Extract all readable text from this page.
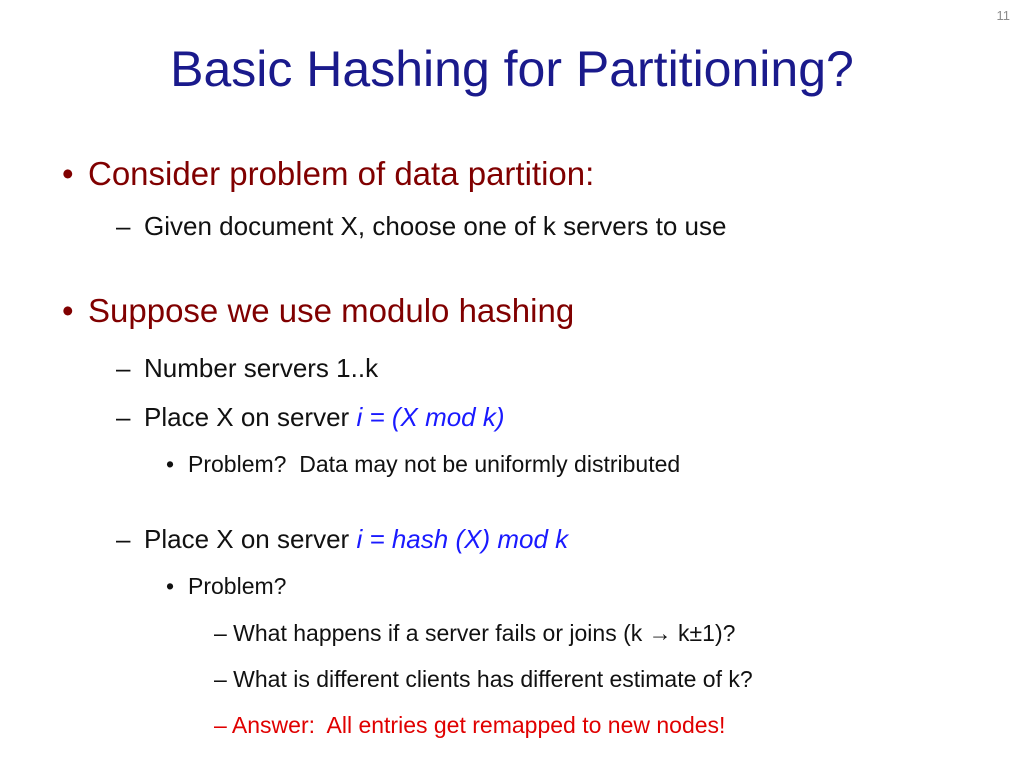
11
Basic Hashing for Partitioning?
• Consider problem of data partition:
– Given document X, choose one of k servers to use
• Suppose we use modulo hashing
– Number servers 1..k
– Place X on server i = (X mod k)
• Problem?  Data may not be uniformly distributed
– Place X on server i = hash (X) mod k
• Problem?
– What happens if a server fails or joins (k → k±1)?
– What is different clients has different estimate of k?
– Answer:  All entries get remapped to new nodes!
